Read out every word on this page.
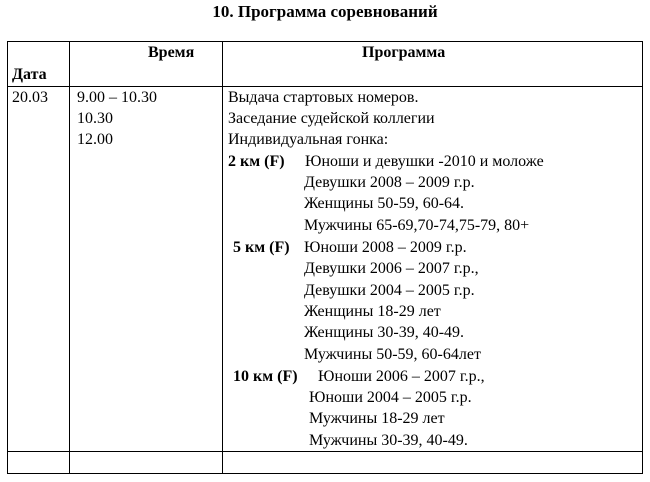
10. Программа соревнований
Дата
Время	Программа
20.03 9.00 – 10.30
10.30
12.00
Выдача стартовых номеров.
Заседание судейской коллегии
Индивидуальная гонка:
2 км (F) Юноши и девушки -2010 и моложе
Девушки 2008 – 2009 г.р.
Женщины 50-59, 60-64.
Мужчины 65-69,70-74,75-79, 80+
5 км (F) Юноши 2008 – 2009 г.р.
Девушки 2006 – 2007 г.р.,
Девушки 2004 – 2005 г.р.
Женщины 18-29 лет
Женщины 30-39, 40-49.
Мужчины 50-59, 60-64лет
10 км (F) Юноши 2006 – 2007 г.р.,
Юноши 2004 – 2005 г.р.
Мужчины 18-29 лет
Мужчины 30-39, 40-49.
